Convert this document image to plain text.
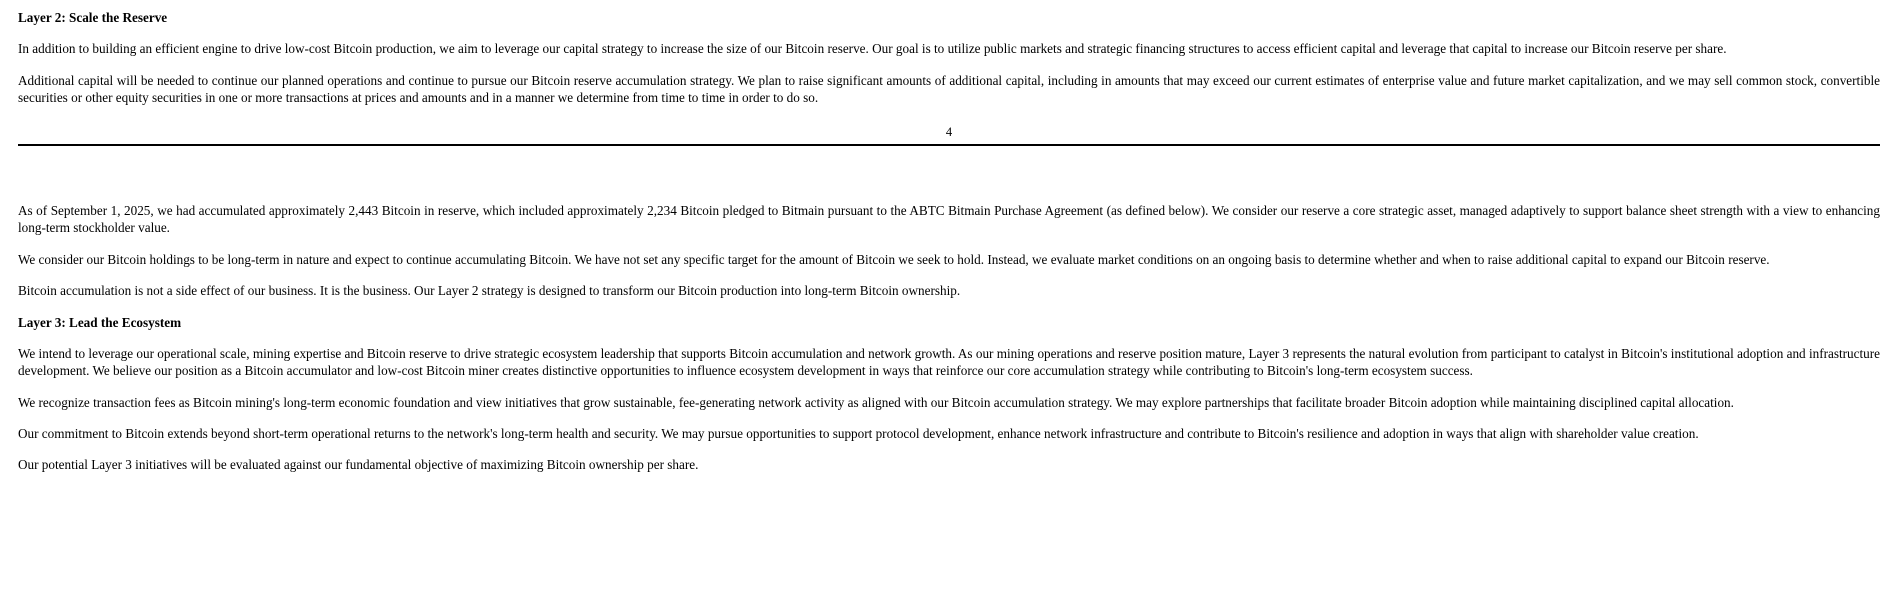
Layer 2: Scale the Reserve

In addition to building an efficient engine to drive low-cost Bitcoin production, we aim to leverage our capital strategy to increase the size of our Bitcoin reserve. Our goal is to utilize public markets and strategic financing structures to access efficient capital and leverage that capital to increase our Bitcoin reserve per share.

Additional capital will be needed to continue our planned operations and continue to pursue our Bitcoin reserve accumulation strategy. We plan to raise significant amounts of additional capital, including in amounts that may exceed our current estimates of enterprise value and future market capitalization, and we may sell common stock, convertible securities or other equity securities in one or more transactions at prices and amounts and in a manner we determine from time to time in order to do so.

4

As of September 1, 2025, we had accumulated approximately 2,443 Bitcoin in reserve, which included approximately 2,234 Bitcoin pledged to Bitmain pursuant to the ABTC Bitmain Purchase Agreement (as defined below). We consider our reserve a core strategic asset, managed adaptively to support balance sheet strength with a view to enhancing long-term stockholder value.

We consider our Bitcoin holdings to be long-term in nature and expect to continue accumulating Bitcoin. We have not set any specific target for the amount of Bitcoin we seek to hold. Instead, we evaluate market conditions on an ongoing basis to determine whether and when to raise additional capital to expand our Bitcoin reserve.

Bitcoin accumulation is not a side effect of our business. It is the business. Our Layer 2 strategy is designed to transform our Bitcoin production into long-term Bitcoin ownership.

Layer 3: Lead the Ecosystem

We intend to leverage our operational scale, mining expertise and Bitcoin reserve to drive strategic ecosystem leadership that supports Bitcoin accumulation and network growth. As our mining operations and reserve position mature, Layer 3 represents the natural evolution from participant to catalyst in Bitcoin's institutional adoption and infrastructure development. We believe our position as a Bitcoin accumulator and low-cost Bitcoin miner creates distinctive opportunities to influence ecosystem development in ways that reinforce our core accumulation strategy while contributing to Bitcoin's long-term ecosystem success.

We recognize transaction fees as Bitcoin mining's long-term economic foundation and view initiatives that grow sustainable, fee-generating network activity as aligned with our Bitcoin accumulation strategy. We may explore partnerships that facilitate broader Bitcoin adoption while maintaining disciplined capital allocation.

Our commitment to Bitcoin extends beyond short-term operational returns to the network's long-term health and security. We may pursue opportunities to support protocol development, enhance network infrastructure and contribute to Bitcoin's resilience and adoption in ways that align with shareholder value creation.

Our potential Layer 3 initiatives will be evaluated against our fundamental objective of maximizing Bitcoin ownership per share.
